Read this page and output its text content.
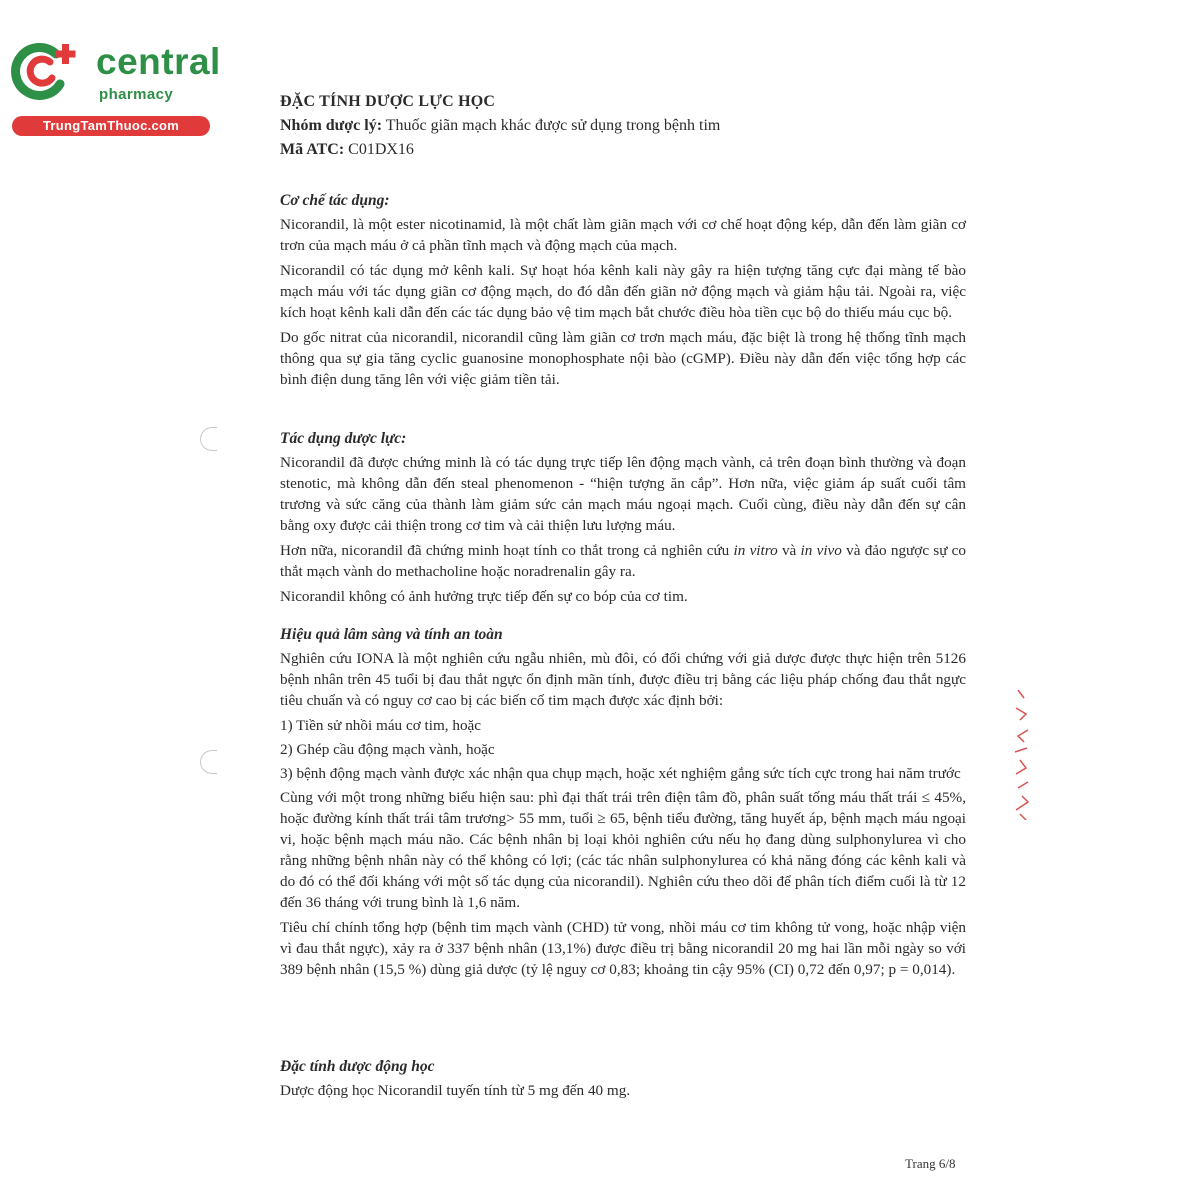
central
pharmacy
TrungTamThuoc.com
ĐẶC TÍNH DƯỢC LỰC HỌC
Nhóm dược lý: Thuốc giãn mạch khác được sử dụng trong bệnh tim
Mã ATC: C01DX16
Cơ chế tác dụng:

Nicorandil, là một ester nicotinamid, là một chất làm giãn mạch với cơ chế hoạt động kép, dẫn đến làm giãn cơ trơn của mạch máu ở cả phần tĩnh mạch và động mạch của mạch.

Nicorandil có tác dụng mở kênh kali. Sự hoạt hóa kênh kali này gây ra hiện tượng tăng cực đại màng tế bào mạch máu với tác dụng giãn cơ động mạch, do đó dẫn đến giãn nở động mạch và giảm hậu tải. Ngoài ra, việc kích hoạt kênh kali dẫn đến các tác dụng bảo vệ tim mạch bắt chước điều hòa tiền cục bộ do thiếu máu cục bộ.

Do gốc nitrat của nicorandil, nicorandil cũng làm giãn cơ trơn mạch máu, đặc biệt là trong hệ thống tĩnh mạch thông qua sự gia tăng cyclic guanosine monophosphate nội bào (cGMP). Điều này dẫn đến việc tổng hợp các bình điện dung tăng lên với việc giảm tiền tải.

Tác dụng dược lực:

Nicorandil đã được chứng minh là có tác dụng trực tiếp lên động mạch vành, cả trên đoạn bình thường và đoạn stenotic, mà không dẫn đến steal phenomenon - “hiện tượng ăn cắp”. Hơn nữa, việc giảm áp suất cuối tâm trương và sức căng của thành làm giảm sức cản mạch máu ngoại mạch. Cuối cùng, điều này dẫn đến sự cân bằng oxy được cải thiện trong cơ tim và cải thiện lưu lượng máu.

Hơn nữa, nicorandil đã chứng minh hoạt tính co thắt trong cả nghiên cứu in vitro và in vivo và đảo ngược sự co thắt mạch vành do methacholine hoặc noradrenalin gây ra.

Nicorandil không có ảnh hưởng trực tiếp đến sự co bóp của cơ tim.

Hiệu quả lâm sàng và tính an toàn

Nghiên cứu IONA là một nghiên cứu ngẫu nhiên, mù đôi, có đối chứng với giả dược được thực hiện trên 5126 bệnh nhân trên 45 tuổi bị đau thắt ngực ổn định mãn tính, được điều trị bằng các liệu pháp chống đau thắt ngực tiêu chuẩn và có nguy cơ cao bị các biến cố tim mạch được xác định bởi:

1) Tiền sử nhồi máu cơ tim, hoặc

2) Ghép cầu động mạch vành, hoặc

3) bệnh động mạch vành được xác nhận qua chụp mạch, hoặc xét nghiệm gắng sức tích cực trong hai năm trước

Cùng với một trong những biểu hiện sau: phì đại thất trái trên điện tâm đồ, phân suất tống máu thất trái ≤ 45%, hoặc đường kính thất trái tâm trương> 55 mm, tuổi ≥ 65, bệnh tiểu đường, tăng huyết áp, bệnh mạch máu ngoại vi, hoặc bệnh mạch máu não. Các bệnh nhân bị loại khỏi nghiên cứu nếu họ đang dùng sulphonylurea vì cho rằng những bệnh nhân này có thể không có lợi; (các tác nhân sulphonylurea có khả năng đóng các kênh kali và do đó có thể đối kháng với một số tác dụng của nicorandil). Nghiên cứu theo dõi để phân tích điểm cuối là từ 12 đến 36 tháng với trung bình là 1,6 năm.

Tiêu chí chính tổng hợp (bệnh tim mạch vành (CHD) tử vong, nhồi máu cơ tim không tử vong, hoặc nhập viện vì đau thắt ngực), xảy ra ở 337 bệnh nhân (13,1%) được điều trị bằng nicorandil 20 mg hai lần mỗi ngày so với 389 bệnh nhân (15,5 %) dùng giả dược (tỷ lệ nguy cơ 0,83; khoảng tin cậy 95% (CI) 0,72 đến 0,97; p = 0,014).

Đặc tính dược động học

Dược động học Nicorandil tuyến tính từ 5 mg đến 40 mg.

Trang 6/8
